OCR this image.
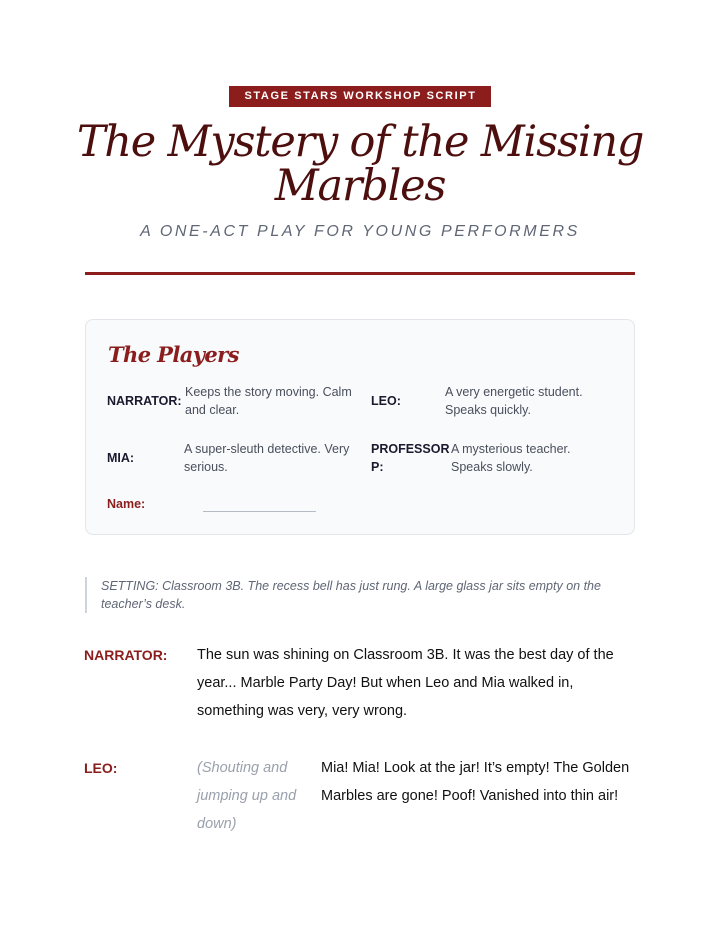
STAGE STARS WORKSHOP SCRIPT
The Mystery of the Missing Marbles
A ONE-ACT PLAY FOR YOUNG PERFORMERS
The Players
NARRATOR:
Keeps the story moving. Calm and clear.
LEO:
A very energetic student. Speaks quickly.
MIA:
A super-sleuth detective. Very serious.
PROFESSOR P:
A mysterious teacher. Speaks slowly.
Name:
SETTING: Classroom 3B. The recess bell has just rung. A large glass jar sits empty on the teacher’s desk.
NARRATOR: The sun was shining on Classroom 3B. It was the best day of the year... Marble Party Day! But when Leo and Mia walked in, something was very, very wrong.
LEO:	(Shouting and jumping up and down)
Mia! Mia! Look at the jar! It’s empty! The Golden Marbles are gone! Poof! Vanished into thin air!
